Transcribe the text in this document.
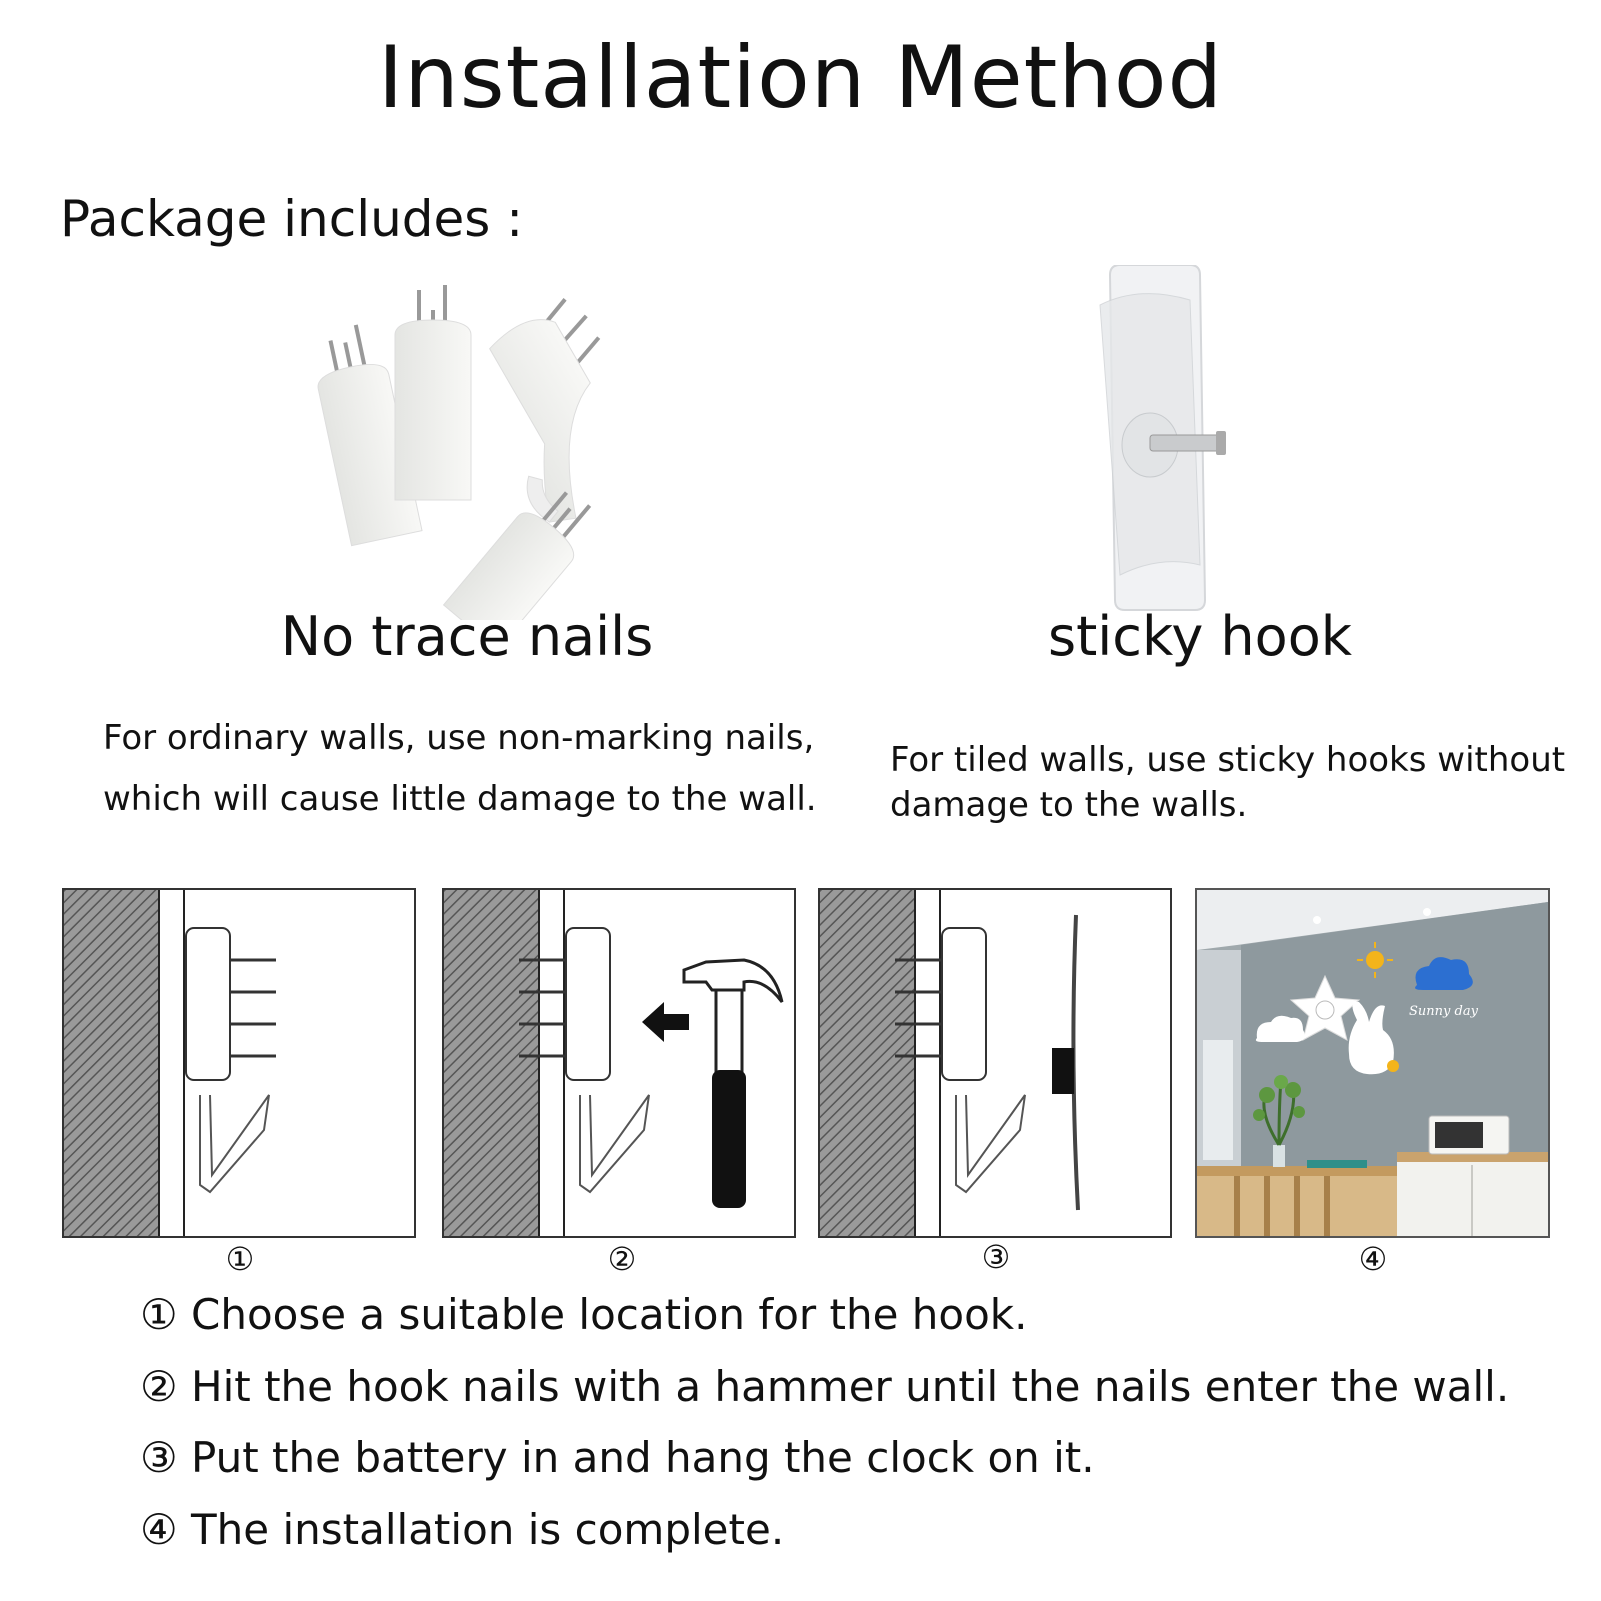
Installation Method
Package includes :
No trace nails	sticky hook
For ordinary walls, use non-marking nails,
which will cause little damage to the wall.
For tiled walls, use sticky hooks without
damage to the walls.
Sunny day
①	②	③	④
① Choose a suitable location for the hook.
② Hit the hook nails with a hammer until the nails enter the wall.
③ Put the battery in and hang the clock on it.
④ The installation is complete.
